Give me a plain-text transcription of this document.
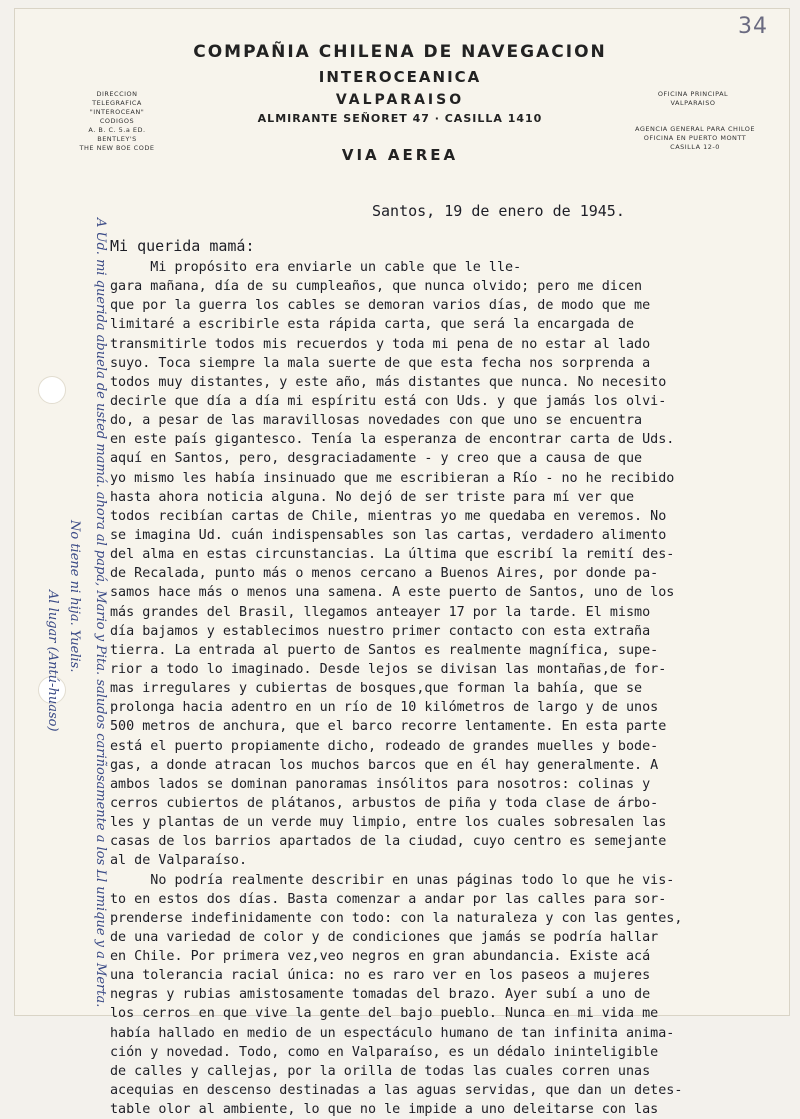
34
COMPAÑIA CHILENA DE NAVEGACION
INTEROCEANICA
VALPARAISO
ALMIRANTE SEÑORET 47 · CASILLA 1410
VIA AEREA
DIRECCION TELEGRAFICA
"INTEROCEAN"
CODIGOS
A. B. C. 5.a ED.
BENTLEY'S
THE NEW BOE CODE
OFICINA PRINCIPAL
VALPARAISO
AGENCIA GENERAL PARA CHILOE
OFICINA EN PUERTO MONTT
CASILLA 12-0
Santos, 19 de enero de 1945.
Mi querida mamá:
Mi propósito era enviarle un cable que le lle-
gara mañana, día de su cumpleaños, que nunca olvido; pero me dicen
que por la guerra los cables se demoran varios días, de modo que me
limitaré a escribirle esta rápida carta, que será la encargada de
transmitirle todos mis recuerdos y toda mi pena de no estar al lado
suyo. Toca siempre la mala suerte de que esta fecha nos sorprenda a
todos muy distantes, y este año, más distantes que nunca. No necesito
decirle que día a día mi espíritu está con Uds. y que jamás los olvi-
do, a pesar de las maravillosas novedades con que uno se encuentra
en este país gigantesco. Tenía la esperanza de encontrar carta de Uds.
aquí en Santos, pero, desgraciadamente - y creo que a causa de que
yo mismo les había insinuado que me escribieran a Río - no he recibido
hasta ahora noticia alguna. No dejó de ser triste para mí ver que
todos recibían cartas de Chile, mientras yo me quedaba en veremos. No
se imagina Ud. cuán indispensables son las cartas, verdadero alimento
del alma en estas circunstancias. La última que escribí la remití des-
de Recalada, punto más o menos cercano a Buenos Aires, por donde pa-
samos hace más o menos una samena. A este puerto de Santos, uno de los
más grandes del Brasil, llegamos anteayer 17 por la tarde. El mismo
día bajamos y establecimos nuestro primer contacto con esta extraña
tierra. La entrada al puerto de Santos es realmente magnífica, supe-
rior a todo lo imaginado. Desde lejos se divisan las montañas,de for-
mas irregulares y cubiertas de bosques,que forman la bahía, que se
prolonga hacia adentro en un río de 10 kilómetros de largo y de unos
500 metros de anchura, que el barco recorre lentamente. En esta parte
está el puerto propiamente dicho, rodeado de grandes muelles y bode-
gas, a donde atracan los muchos barcos que en él hay generalmente. A
ambos lados se dominan panoramas insólitos para nosotros: colinas y
cerros cubiertos de plátanos, arbustos de piña y toda clase de árbo-
les y plantas de un verde muy limpio, entre los cuales sobresalen las
casas de los barrios apartados de la ciudad, cuyo centro es semejante
al de Valparaíso.
No podría realmente describir en unas páginas todo lo que he vis-
to en estos dos días. Basta comenzar a andar por las calles para sor-
prenderse indefinidamente con todo: con la naturaleza y con las gentes,
de una variedad de color y de condiciones que jamás se podría hallar
en Chile. Por primera vez,veo negros en gran abundancia. Existe acá
una tolerancia racial única: no es raro ver en los paseos a mujeres
negras y rubias amistosamente tomadas del brazo. Ayer subí a uno de
los cerros en que vive la gente del bajo pueblo. Nunca en mi vida me
había hallado en medio de un espectáculo humano de tan infinita anima-
ción y novedad. Todo, como en Valparaíso, es un dédalo ininteligible
de calles y callejas, por la orilla de todas las cuales corren unas
acequias en descenso destinadas a las aguas servidas, que dan un detes-
table olor al ambiente, lo que no le impide a uno deleitarse con las
A Ud. mi querida abuela de usted mamá. ahora al papá, Mario y Pita. saludos cariñosamente a los Ll umique y a Merta.
No tiene ni hija. Yuelis.
Al lugar (Antú-huaso)
